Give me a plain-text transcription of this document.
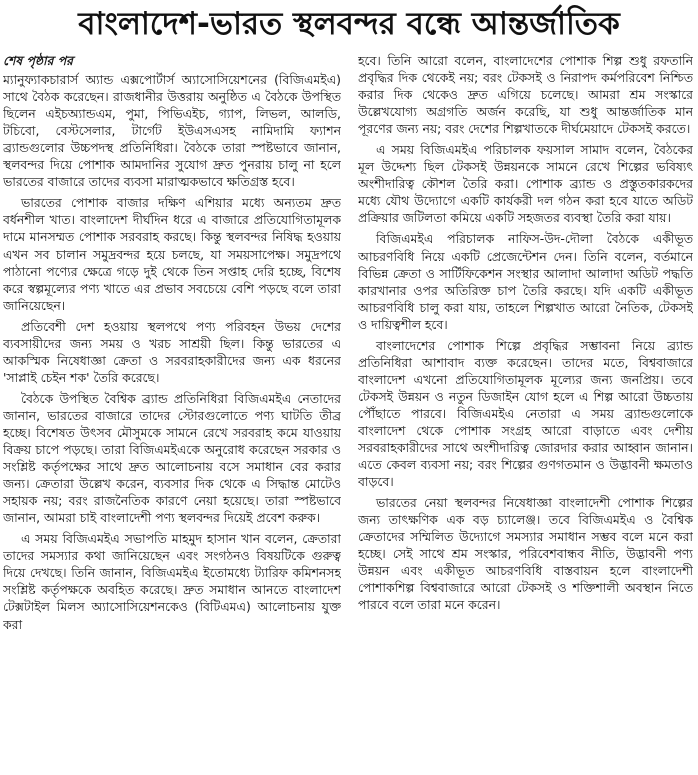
বাংলাদেশ-ভারত স্থলবন্দর বন্ধে আন্তর্জাতিক

শেষ পৃষ্ঠার পর

ম্যানুফ্যাকচারার্স অ্যান্ড এক্সপোর্টার্স অ্যাসোসিয়েশনের (বিজিএমইএ) সাথে বৈঠক করেছেন। রাজধানীর উত্তরায় অনুষ্ঠিত এ বৈঠকে উপস্থিত ছিলেন এইচঅ্যান্ডএম, পুমা, পিভিএইচ, গ্যাপ, লিভল, আলডি, টচিবো, বেস্টসেলার, টার্গেট ইউএসএসহ নামিদামি ফ্যাশন ব্র্যান্ডগুলোর উচ্চপদস্থ প্রতিনিধিরা। বৈঠকে তারা স্পষ্টভাবে জানান, স্থলবন্দর দিয়ে পোশাক আমদানির সুযোগ দ্রুত পুনরায় চালু না হলে ভারতের বাজারে তাদের ব্যবসা মারাত্মকভাবে ক্ষতিগ্রস্ত হবে।

ভারতের পোশাক বাজার দক্ষিণ এশিয়ার মধ্যে অন্যতম দ্রুত বর্ধনশীল খাত। বাংলাদেশ দীর্ঘদিন ধরে এ বাজারে প্রতিযোগিতামূলক দামে মানসম্মত পোশাক সরবরাহ করছে। কিন্তু স্থলবন্দর নিষিদ্ধ হওয়ায় এখন সব চালান সমুদ্রবন্দর হয়ে চলছে, যা সময়সাপেক্ষ। সমুদ্রপথে পাঠানো পণ্যের ক্ষেত্রে গড়ে দুই থেকে তিন সপ্তাহ দেরি হচ্ছে, বিশেষ করে স্বল্পমূল্যের পণ্য খাতে এর প্রভাব সবচেয়ে বেশি পড়ছে বলে তারা জানিয়েছেন।

প্রতিবেশী দেশ হওয়ায় স্থলপথে পণ্য পরিবহন উভয় দেশের ব্যবসায়ীদের জন্য সময় ও খরচ সাশ্রয়ী ছিল। কিন্তু ভারতের এ আকস্মিক নিষেধাজ্ঞা ক্রেতা ও সরবরাহকারীদের জন্য এক ধরনের 'সাপ্লাই চেইন শক' তৈরি করেছে।

বৈঠকে উপস্থিত বৈশ্বিক ব্র্যান্ড প্রতিনিধিরা বিজিএমইএ নেতাদের জানান, ভারতের বাজারে তাদের স্টোরগুলোতে পণ্য ঘাটতি তীব্র হচ্ছে। বিশেষত উৎসব মৌসুমকে সামনে রেখে সরবরাহ কমে যাওয়ায় বিক্রয় চাপে পড়ছে। তারা বিজিএমইএকে অনুরোধ করেছেন সরকার ও সংশ্লিষ্ট কর্তৃপক্ষের সাথে দ্রুত আলোচনায় বসে সমাধান বের করার জন্য। ক্রেতারা উল্লেখ করেন, ব্যবসার দিক থেকে এ সিদ্ধান্ত মোটেও সহায়ক নয়; বরং রাজনৈতিক কারণে নেয়া হয়েছে। তারা স্পষ্টভাবে জানান, আমরা চাই বাংলাদেশী পণ্য স্থলবন্দর দিয়েই প্রবেশ করুক।

এ সময় বিজিএমইএ সভাপতি মাহমুদ হাসান খান বলেন, ক্রেতারা তাদের সমস্যার কথা জানিয়েছেন এবং সংগঠনও বিষয়টিকে গুরুত্ব দিয়ে দেখছে। তিনি জানান, বিজিএমইএ ইতোমধ্যে ট্যারিফ কমিশনসহ সংশ্লিষ্ট কর্তৃপক্ষকে অবহিত করেছে। দ্রুত সমাধান আনতে বাংলাদেশ টেক্সটাইল মিলস অ্যাসোসিয়েশনকেও (বিটিএমএ) আলোচনায় যুক্ত করা

হবে। তিনি আরো বলেন, বাংলাদেশের পোশাক শিল্প শুধু রফতানি প্রবৃদ্ধির দিক থেকেই নয়; বরং টেকসই ও নিরাপদ কর্মপরিবেশ নিশ্চিত করার দিক থেকেও দ্রুত এগিয়ে চলেছে। আমরা শ্রম সংস্কারে উল্লেখযোগ্য অগ্রগতি অর্জন করেছি, যা শুধু আন্তর্জাতিক মান পূরণের জন্য নয়; বরং দেশের শিল্পখাতকে দীর্ঘমেয়াদে টেকসই করতে।

এ সময় বিজিএমইএ পরিচালক ফয়সাল সামাদ বলেন, বৈঠকের মূল উদ্দেশ্য ছিল টেকসই উন্নয়নকে সামনে রেখে শিল্পের ভবিষ্যৎ অংশীদারিত্ব কৌশল তৈরি করা। পোশাক ব্র্যান্ড ও প্রস্তুতকারকদের মধ্যে যৌথ উদ্যোগে একটি কার্যকরী দল গঠন করা হবে যাতে অডিট প্রক্রিয়ার জটিলতা কমিয়ে একটি সহজতর ব্যবস্থা তৈরি করা যায়।

বিজিএমইএ পরিচালক নাফিস-উদ-দৌলা বৈঠকে একীভূত আচরণবিধি নিয়ে একটি প্রেজেন্টেশন দেন। তিনি বলেন, বর্তমানে বিভিন্ন ক্রেতা ও সার্টিফিকেশন সংস্থার আলাদা আলাদা অডিট পদ্ধতি কারখানার ওপর অতিরিক্ত চাপ তৈরি করছে। যদি একটি একীভূত আচরণবিধি চালু করা যায়, তাহলে শিল্পখাত আরো নৈতিক, টেকসই ও দায়িত্বশীল হবে।

বাংলাদেশের পোশাক শিল্পে প্রবৃদ্ধির সম্ভাবনা নিয়ে ব্র্যান্ড প্রতিনিধিরা আশাবাদ ব্যক্ত করেছেন। তাদের মতে, বিশ্ববাজারে বাংলাদেশ এখনো প্রতিযোগিতামূলক মূল্যের জন্য জনপ্রিয়। তবে টেকসই উন্নয়ন ও নতুন ডিজাইন যোগ হলে এ শিল্প আরো উচ্চতায় পৌঁছাতে পারবে। বিজিএমইএ নেতারা এ সময় ব্র্যান্ডগুলোকে বাংলাদেশ থেকে পোশাক সংগ্রহ আরো বাড়াতে এবং দেশীয় সরবরাহকারীদের সাথে অংশীদারিত্ব জোরদার করার আহ্বান জানান। এতে কেবল ব্যবসা নয়; বরং শিল্পের গুণগতমান ও উদ্ভাবনী ক্ষমতাও বাড়বে।

ভারতের নেয়া স্থলবন্দর নিষেধাজ্ঞা বাংলাদেশী পোশাক শিল্পের জন্য তাৎক্ষণিক এক বড় চ্যালেঞ্জ। তবে বিজিএমইএ ও বৈশ্বিক ক্রেতাদের সম্মিলিত উদ্যোগে সমস্যার সমাধান সম্ভব বলে মনে করা হচ্ছে। সেই সাথে শ্রম সংস্কার, পরিবেশবান্ধব নীতি, উদ্ভাবনী পণ্য উন্নয়ন এবং একীভূত আচরণবিধি বাস্তবায়ন হলে বাংলাদেশী পোশাকশিল্প বিশ্ববাজারে আরো টেকসই ও শক্তিশালী অবস্থান নিতে পারবে বলে তারা মনে করেন।
